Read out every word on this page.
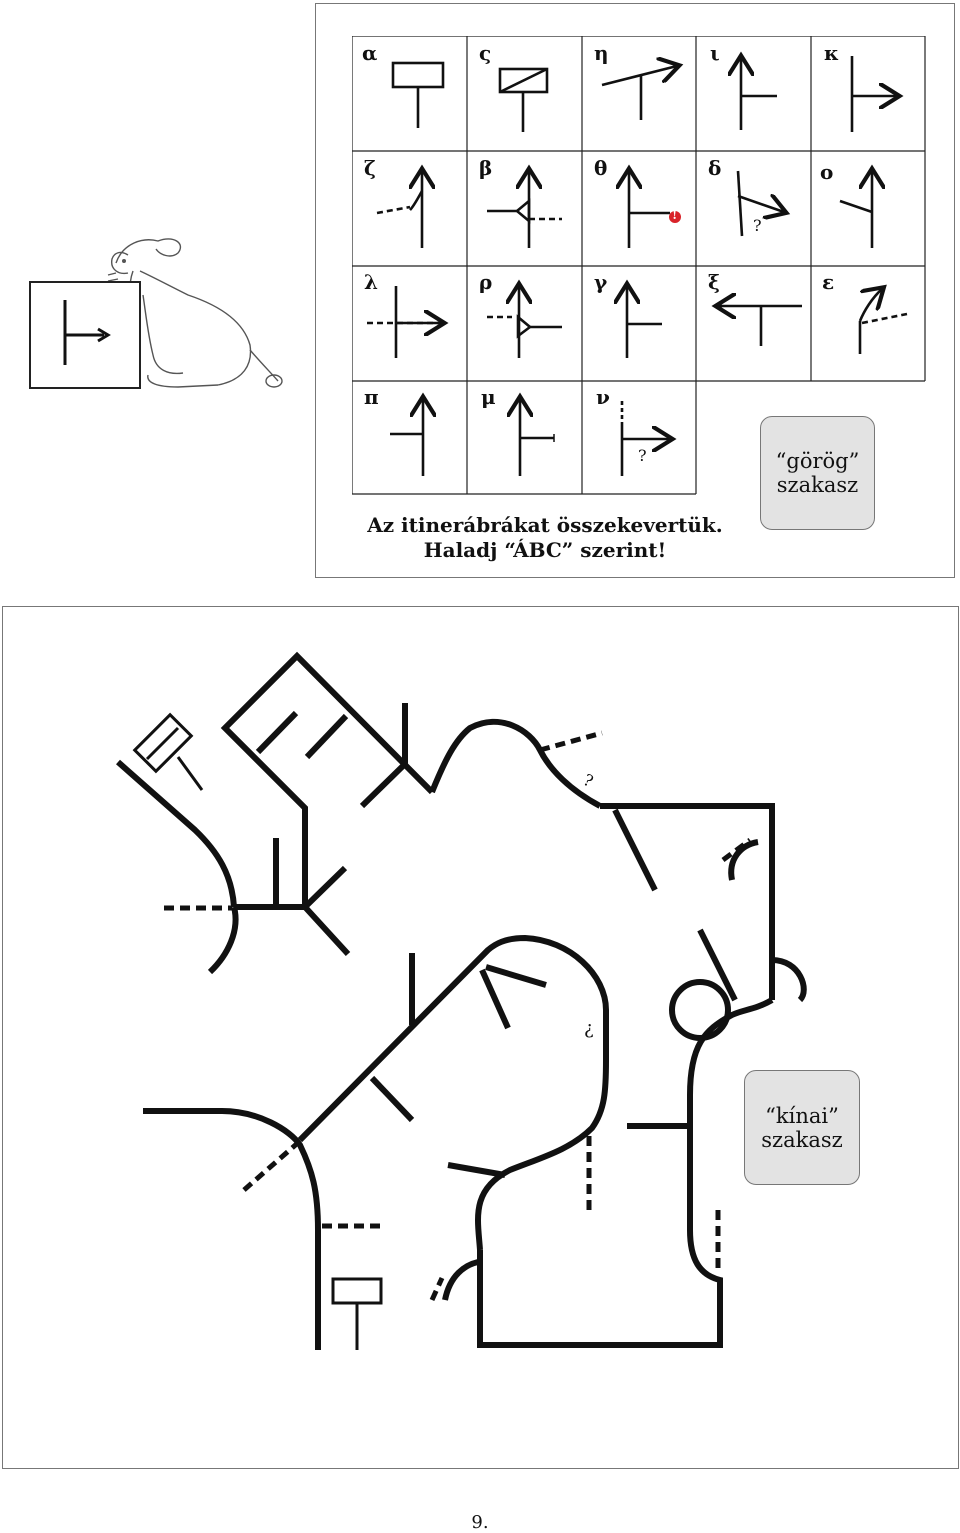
α	ς	η	ι	κ
ζ	β	θ	δ	ο
λ	ρ	γ	ξ	ε
π	μ	ν
?
?
!
Az itinerábrákat összekevertük.
Haladj “ÁBC” szerint!
“görög”
szakasz
?
¿
“kínai”
szakasz
9.
